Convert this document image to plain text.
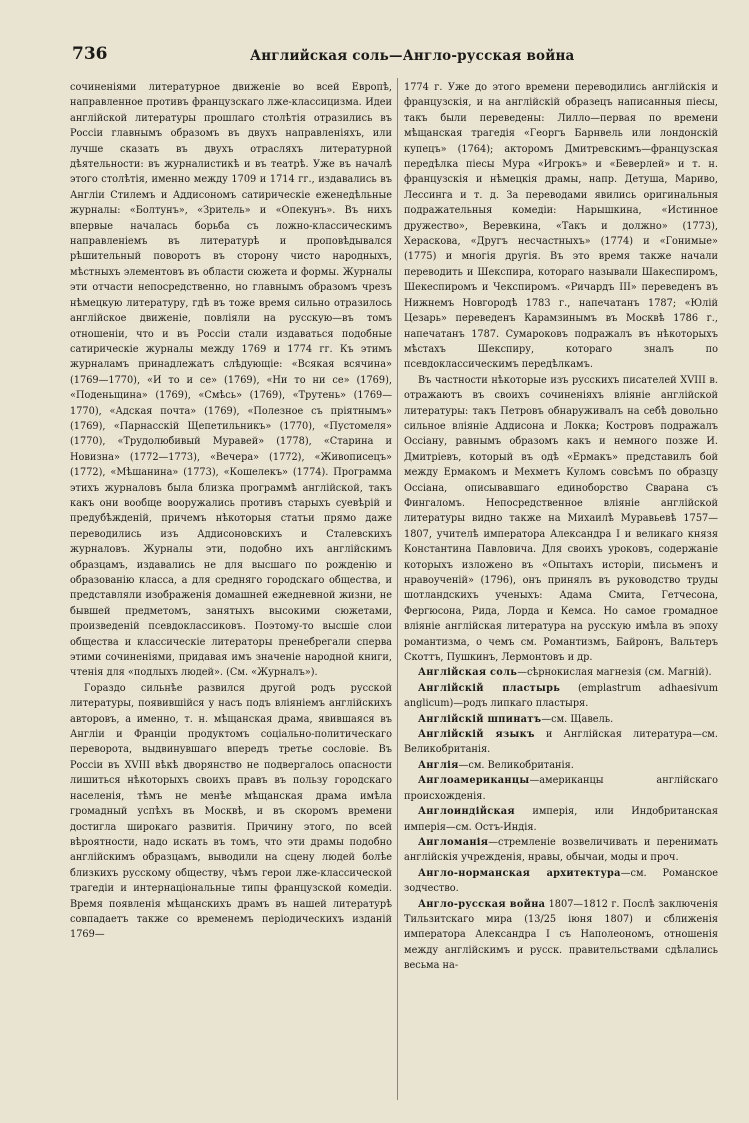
736	Английская соль—Англо-русская война

сочиненіями литературное движеніе во всей Европѣ, направленное противъ французскаго лже-классицизма. Идеи англійской литературы прошлаго столѣтія отразились въ Россіи главнымъ образомъ въ двухъ направленіяхъ, или лучше сказать въ двухъ отрасляхъ литературной дѣятельности: въ журналистикѣ и въ театрѣ. Уже въ началѣ этого столѣтія, именно между 1709 и 1714 гг., издавались въ Англіи Стилемъ и Аддисономъ сатирическіе еженедѣльные журналы: «Болтунъ», «Зритель» и «Опекунъ». Въ нихъ впервые началась борьба съ ложно-классическимъ направленіемъ въ литературѣ и проповѣдывался рѣшительный поворотъ въ сторону чисто народныхъ, мѣстныхъ элементовъ въ области сюжета и формы. Журналы эти отчасти непосредственно, но главнымъ образомъ чрезъ нѣмецкую литературу, гдѣ въ тоже время сильно отразилось англійское движеніе, повліяли на русскую—въ томъ отношеніи, что и въ Россіи стали издаваться подобные сатирическіе журналы между 1769 и 1774 гг. Къ этимъ журналамъ принадлежатъ слѣдующіе: «Всякая всячина» (1769—1770), «И то и се» (1769), «Ни то ни се» (1769), «Поденьщина» (1769), «Смѣсь» (1769), «Трутень» (1769—1770), «Адская почта» (1769), «Полезное съ пріятнымъ» (1769), «Парнасскій Щепетильникъ» (1770), «Пустомеля» (1770), «Трудолюбивый Муравей» (1778), «Старина и Новизна» (1772—1773), «Вечера» (1772), «Живописецъ» (1772), «Мѣшанина» (1773), «Кошелекъ» (1774). Программа этихъ журналовъ была близка программѣ англійской, такъ какъ они вообще вооружались противъ старыхъ суевѣрій и предубѣжденій, причемъ нѣкоторыя статьи прямо даже переводились изъ Аддисоновскихъ и Сталевскихъ журналовъ. Журналы эти, подобно ихъ англійскимъ образцамъ, издавались не для высшаго по рожденію и образованію класса, а для средняго городскаго общества, и представляли изображенія домашней ежедневной жизни, не бывшей предметомъ, занятыхъ высокими сюжетами, произведеній псевдоклассиковъ. Поэтому-то высшіе слои общества и классическіе литераторы пренебрегали сперва этими сочиненіями, придавая имъ значеніе народной книги, чтенія для «подлыхъ людей». (См. «Журналъ»).

Гораздо сильнѣе развился другой родъ русской литературы, появившійся у насъ подъ вліяніемъ англійскихъ авторовъ, а именно, т. н. мѣщанская драма, явившаяся въ Англіи и Франціи продуктомъ соціально-политическаго переворота, выдвинувшаго впередъ третье сословіе. Въ Россіи въ XVIII вѣкѣ дворянство не подвергалось опасности лишиться нѣкоторыхъ своихъ правъ въ пользу городскаго населенія, тѣмъ не менѣе мѣщанская драма имѣла громадный успѣхъ въ Москвѣ, и въ скоромъ времени достигла широкаго развитія. Причину этого, по всей вѣроятности, надо искать въ томъ, что эти драмы подобно англійскимъ образцамъ, выводили на сцену людей болѣе близкихъ русскому обществу, чѣмъ герои лже-классической трагедіи и интернаціональные типы французской комедіи. Время появленія мѣщанскихъ драмъ въ нашей литературѣ совпадаетъ также со временемъ періодическихъ изданій 1769—

1774 г. Уже до этого времени переводились англійскія и французскія, и на англійскій образецъ написанныя піесы, такъ были переведены: Лилло—первая по времени мѣщанская трагедія «Георгъ Барнвель или лондонскій купецъ» (1764); акторомъ Дмитревскимъ—французская передѣлка піесы Мура «Игрокъ» и «Беверлей» и т. н. французскія и нѣмецкія драмы, напр. Детуша, Мариво, Лессинга и т. д. За переводами явились оригинальныя подражательныя комедіи: Нарышкина, «Истинное дружество», Веревкина, «Такъ и должно» (1773), Хераскова, «Другъ несчастныхъ» (1774) и «Гонимые» (1775) и многія другія. Въ это время также начали переводить и Шекспира, котораго называли Шакеспиромъ, Шекеспиромъ и Чекспиромъ. «Ричардъ III» переведенъ въ Нижнемъ Новгородѣ 1783 г., напечатанъ 1787; «Юлій Цезарь» переведенъ Карамзинымъ въ Москвѣ 1786 г., напечатанъ 1787. Сумароковъ подражалъ въ нѣкоторыхъ мѣстахъ Шекспиру, котораго зналъ по псевдоклассическимъ передѣлкамъ.

Въ частности нѣкоторые изъ русскихъ писателей XVIII в. отражаютъ въ своихъ сочиненіяхъ вліяніе англійской литературы: такъ Петровъ обнаруживалъ на себѣ довольно сильное вліяніе Аддисона и Локка; Костровъ подражалъ Оссіану, равнымъ образомъ какъ и немного позже И. Дмитріевъ, который въ одѣ «Ермакъ» представилъ бой между Ермакомъ и Мехметъ Куломъ совсѣмъ по образцу Оссіана, описывавшаго единоборство Сварана съ Фингаломъ. Непосредственное вліяніе англійской литературы видно также на Михаилѣ Муравьевѣ 1757—1807, учителѣ императора Александра I и великаго князя Константина Павловича. Для своихъ уроковъ, содержаніе которыхъ изложено въ «Опытахъ исторіи, письменъ и нравоученій» (1796), онъ принялъ въ руководство труды шотландскихъ ученыхъ: Адама Смита, Гетчесона, Фергюсона, Рида, Лорда и Кемса. Но самое громадное вліяніе англійская литература на русскую имѣла въ эпоху романтизма, о чемъ см. Романтизмъ, Байронъ, Вальтеръ Скоттъ, Пушкинъ, Лермонтовъ и др.

Англійская соль—сѣрнокислая магнезія (см. Магній).

Англійскій пластырь (emplastrum adhaesivum anglicum)—родъ липкаго пластыря.

Англійскій шпинатъ—см. Щавель.

Англійскій языкъ и Англійская литература—см. Великобританія.

Англія—см. Великобританія.

Англоамериканцы—американцы англійскаго происхожденія.

Англоиндійская имперія, или Индобританская имперія—см. Остъ-Индія.

Англоманія—стремленіе возвеличивать и перенимать англійскія учрежденія, нравы, обычаи, моды и проч.

Англо-норманская архитектура—см. Романское зодчество.

Англо-русская война 1807—1812 г. Послѣ заключенія Тильзитскаго мира (13/25 іюня 1807) и сближенія императора Александра I съ Наполеономъ, отношенія между англійскимъ и русск. правительствами сдѣлались весьма на-
